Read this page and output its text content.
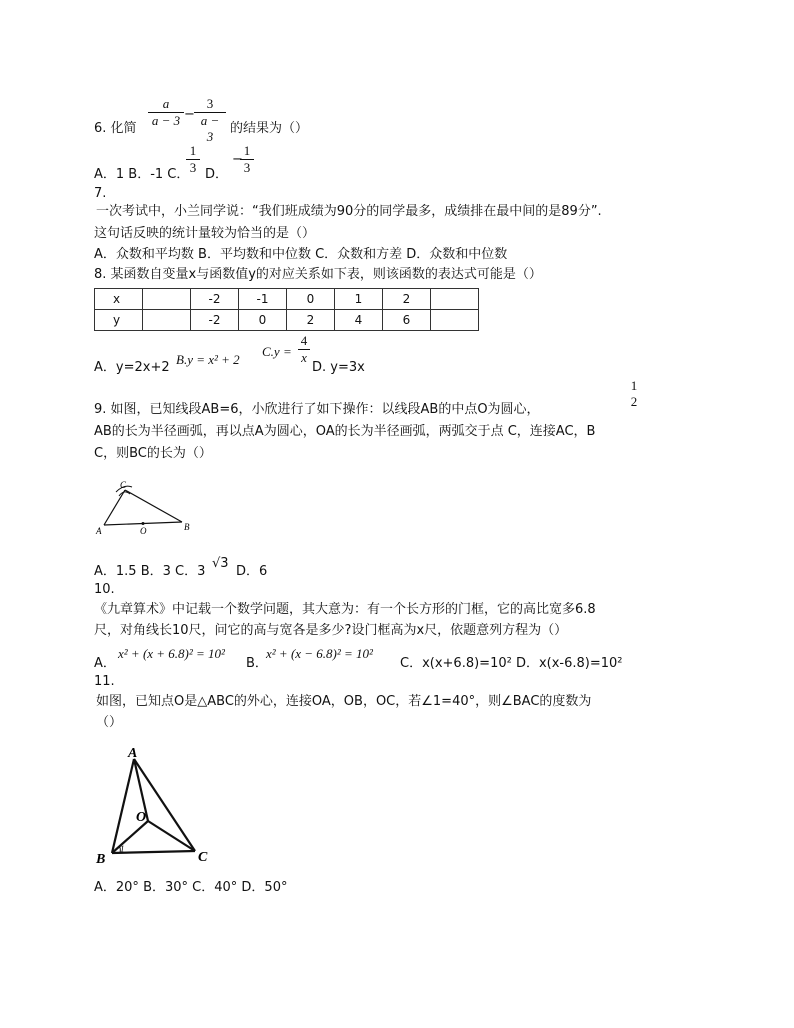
6. 化简
a
a − 3 −
3
a − 3
的结果为（）
A．1 B．-1 C．
1
3 D．
−
1
3
7.
一次考试中，小兰同学说：“我们班成绩为90分的同学最多，成绩排在最中间的是89分”.
这句话反映的统计量较为恰当的是（）
A．众数和平均数 B．平均数和中位数 C．众数和方差 D．众数和中位数
8. 某函数自变量x与函数值y的对应关系如下表，则该函数的表达式可能是（）
x		-2	-1	0	1	2	
y		-2	0	2	4	6	
A．y=2x+2
B.y = x² + 2
C.y =
4
x
D. y=3x
9. 如图，已知线段AB=6，小欣进行了如下操作：以线段AB的中点O为圆心，
1
2
AB的长为半径画弧，再以点A为圆心，OA的长为半径画弧，两弧交于点 C，连接AC，B
C，则BC的长为（）
A	B
C
O
A．1.5 B．3 C．3
√3
D．6
10.
《九章算术》中记载一个数学问题，其大意为：有一个长方形的门框，它的高比宽多6.8
尺，对角线长10尺，问它的高与宽各是多少?设门框高为x尺，依题意列方程为（）
A．
x² + (x + 6.8)² = 10²
B．
x² + (x − 6.8)² = 10²
C．x(x+6.8)=10² D．x(x-6.8)=10²
11.
如图，已知点O是△ABC的外心，连接OA，OB，OC，若∠1=40°，则∠BAC的度数为
（）
A
B	C
O
1
A．20° B．30° C．40° D．50°
